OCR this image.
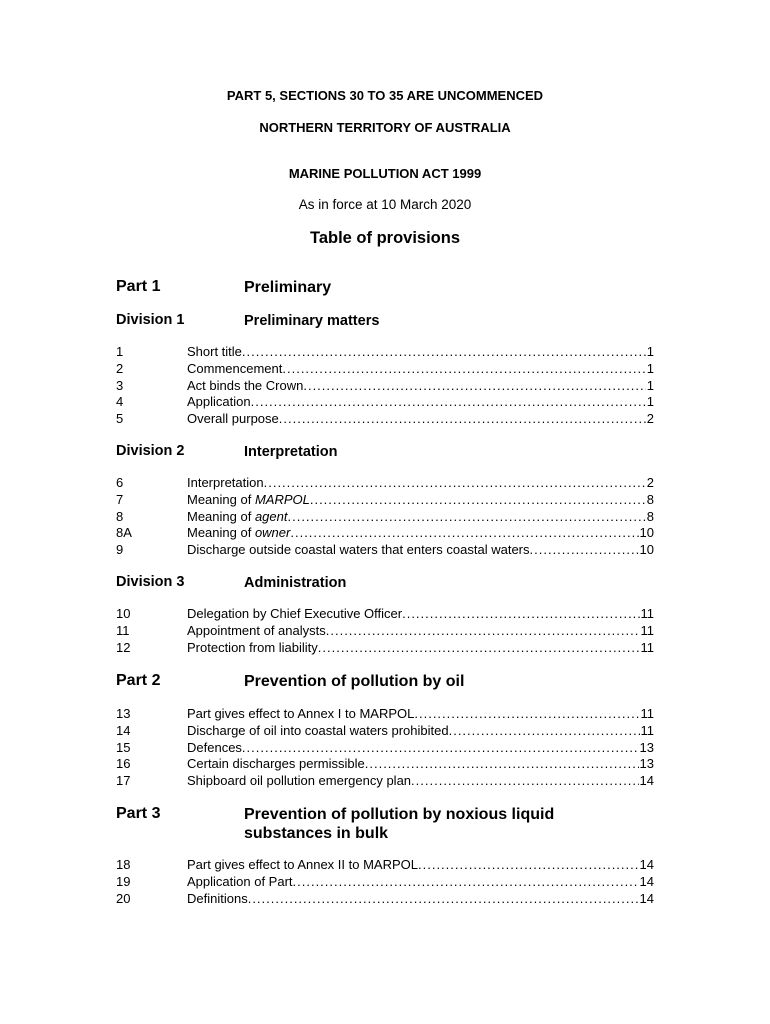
PART 5, SECTIONS 30 TO 35 ARE UNCOMMENCED
NORTHERN TERRITORY OF AUSTRALIA
MARINE POLLUTION ACT 1999
As in force at 10 March 2020
Table of provisions
Part 1	Preliminary
Division 1	Preliminary matters
1	Short title .....	1
2	Commencement .....	1
3	Act binds the Crown .....	1
4	Application .....	1
5	Overall purpose .....	2
Division 2	Interpretation
6	Interpretation .....	2
7	Meaning of MARPOL .....	8
8	Meaning of agent .....	8
8A	Meaning of owner .....	10
9	Discharge outside coastal waters that enters coastal waters .....	10
Division 3	Administration
10	Delegation by Chief Executive Officer .....	11
11	Appointment of analysts .....	11
12	Protection from liability .....	11
Part 2	Prevention of pollution by oil
13	Part gives effect to Annex I to MARPOL .....	11
14	Discharge of oil into coastal waters prohibited .....	11
15	Defences .....	13
16	Certain discharges permissible .....	13
17	Shipboard oil pollution emergency plan .....	14
Part 3	Prevention of pollution by noxious liquid
substances in bulk
18	Part gives effect to Annex II to MARPOL .....	14
19	Application of Part .....	14
20	Definitions .....	14
